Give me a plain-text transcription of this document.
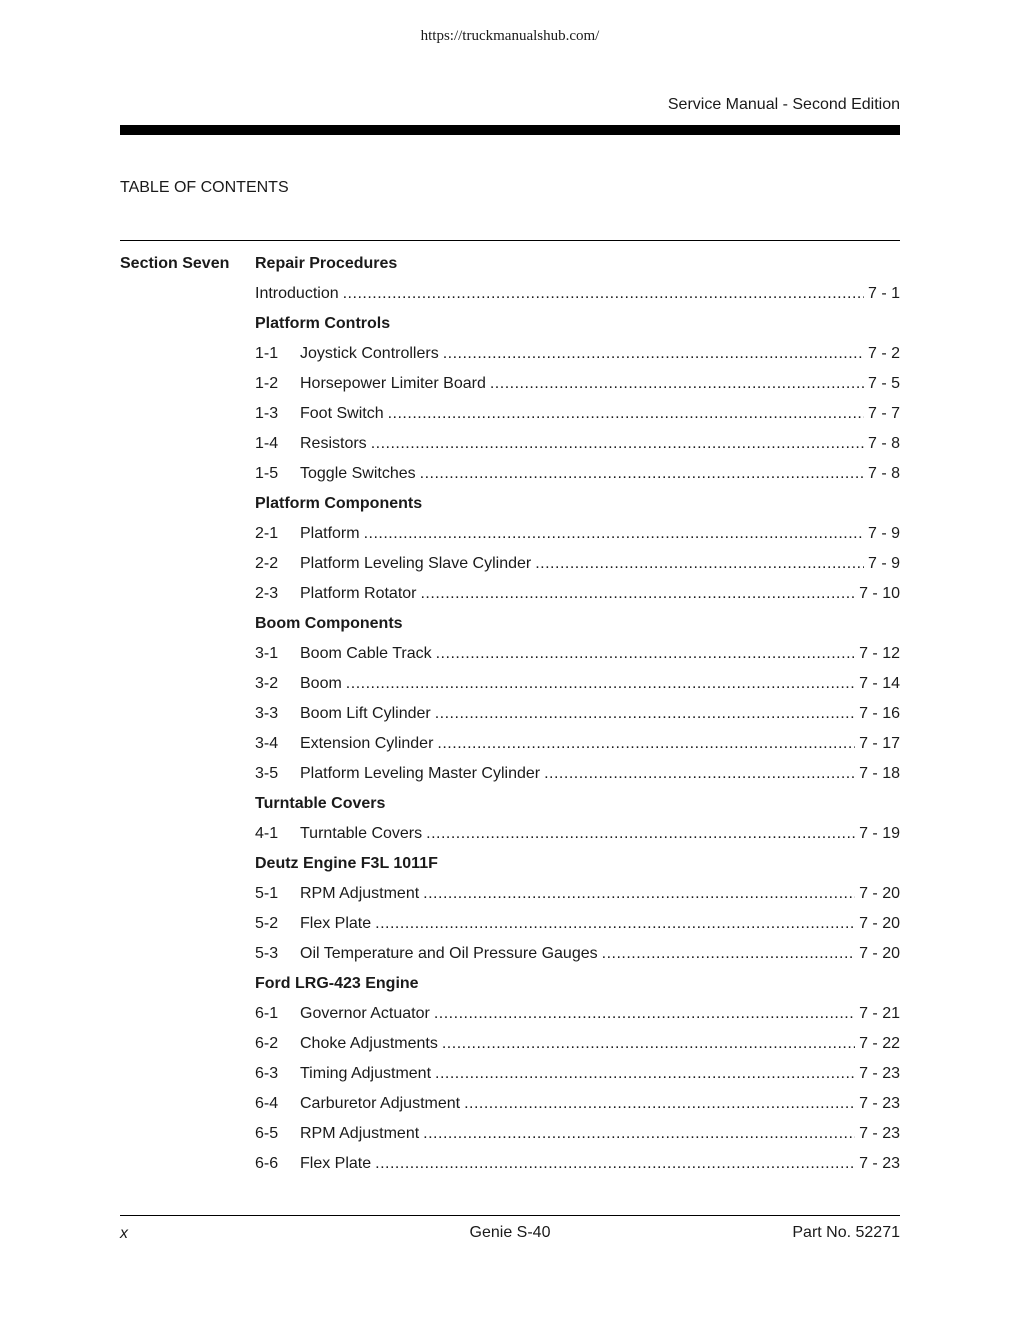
https://truckmanualshub.com/
Service Manual - Second Edition
TABLE OF CONTENTS
Section Seven Repair Procedures
Introduction .....	7 - 1
Platform Controls
1-1	Joystick Controllers .....	7 - 2
1-2	Horsepower Limiter Board .....	7 - 5
1-3	Foot Switch .....	7 - 7
1-4	Resistors .....	7 - 8
1-5	Toggle Switches .....	7 - 8
Platform Components
2-1	Platform .....	7 - 9
2-2	Platform Leveling Slave Cylinder .....	7 - 9
2-3	Platform Rotator .....	7 - 10
Boom Components
3-1	Boom Cable Track .....	7 - 12
3-2	Boom .....	7 - 14
3-3	Boom Lift Cylinder .....	7 - 16
3-4	Extension Cylinder .....	7 - 17
3-5	Platform Leveling Master Cylinder .....	7 - 18
Turntable Covers
4-1	Turntable Covers .....	7 - 19
Deutz Engine F3L 1011F
5-1	RPM Adjustment .....	7 - 20
5-2	Flex Plate .....	7 - 20
5-3	Oil Temperature and Oil Pressure Gauges .....	7 - 20
Ford LRG-423 Engine
6-1	Governor Actuator .....	7 - 21
6-2	Choke Adjustments .....	7 - 22
6-3	Timing Adjustment .....	7 - 23
6-4	Carburetor Adjustment .....	7 - 23
6-5	RPM Adjustment .....	7 - 23
6-6	Flex Plate .....	7 - 23
x	Genie S-40	Part No. 52271
